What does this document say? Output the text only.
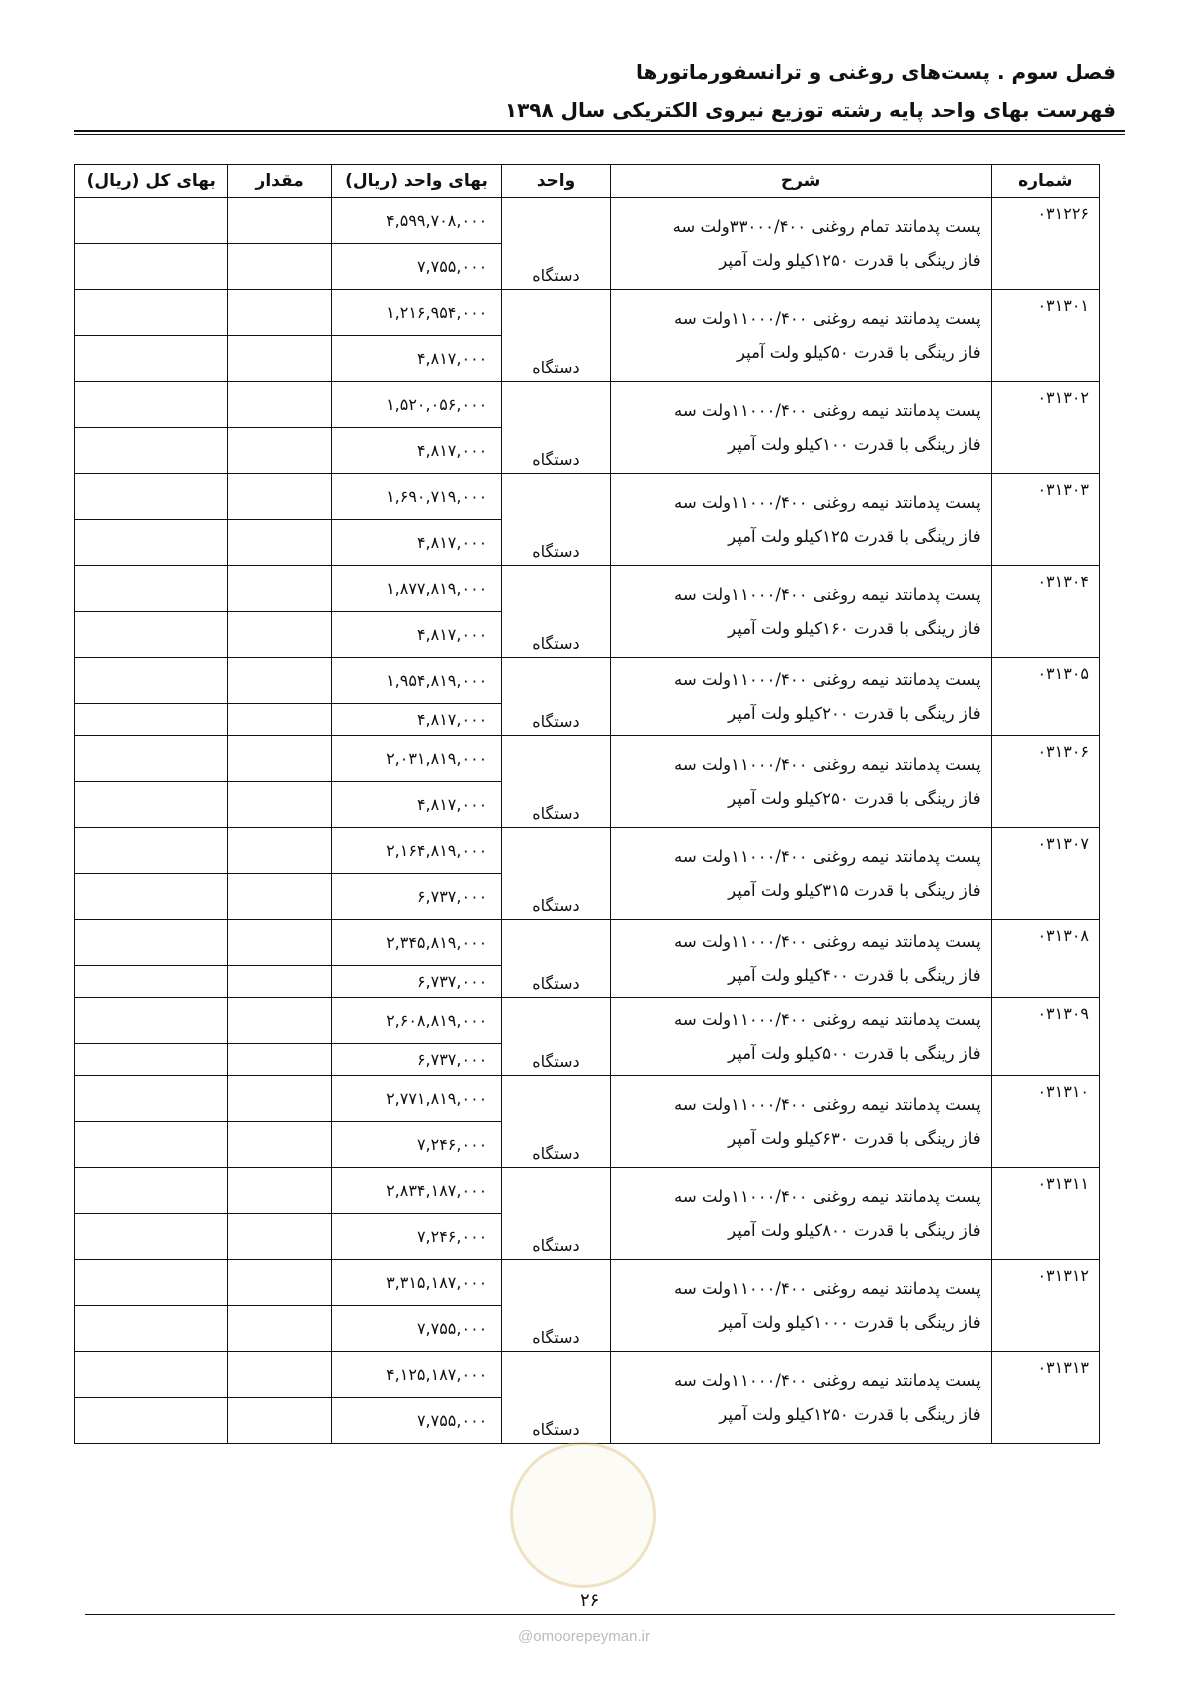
فصل سوم . پست‌های روغنی و ترانسفورماتورها
فهرست بهای واحد پایه رشته توزیع نیروی الکتریکی سال ۱۳۹۸
شماره	شرح	واحد	بهای واحد (ریال)	مقدار	بهای کل (ریال)
۰۳۱۲۲۶	پست پدمانتد تمام روغنی ۳۳۰۰۰/۴۰۰ولت سه
فاز رینگی با قدرت ۱۲۵۰کیلو ولت آمپر	دستگاه	۴,۵۹۹,۷۰۸,۰۰۰		
			۷,۷۵۵,۰۰۰		
۰۳۱۳۰۱	پست پدمانتد نیمه روغنی ۱۱۰۰۰/۴۰۰ولت سه
فاز رینگی با قدرت ۵۰کیلو ولت آمپر	دستگاه	۱,۲۱۶,۹۵۴,۰۰۰		
			۴,۸۱۷,۰۰۰		
۰۳۱۳۰۲	پست پدمانتد نیمه روغنی ۱۱۰۰۰/۴۰۰ولت سه
فاز رینگی با قدرت ۱۰۰کیلو ولت آمپر	دستگاه	۱,۵۲۰,۰۵۶,۰۰۰		
			۴,۸۱۷,۰۰۰		
۰۳۱۳۰۳	پست پدمانتد نیمه روغنی ۱۱۰۰۰/۴۰۰ولت سه
فاز رینگی با قدرت ۱۲۵کیلو ولت آمپر	دستگاه	۱,۶۹۰,۷۱۹,۰۰۰		
			۴,۸۱۷,۰۰۰		
۰۳۱۳۰۴	پست پدمانتد نیمه روغنی ۱۱۰۰۰/۴۰۰ولت سه
فاز رینگی با قدرت ۱۶۰کیلو ولت آمپر	دستگاه	۱,۸۷۷,۸۱۹,۰۰۰		
			۴,۸۱۷,۰۰۰		
۰۳۱۳۰۵	پست پدمانتد نیمه روغنی ۱۱۰۰۰/۴۰۰ولت سه
فاز رینگی با قدرت ۲۰۰کیلو ولت آمپر	دستگاه	۱,۹۵۴,۸۱۹,۰۰۰		
			۴,۸۱۷,۰۰۰		
۰۳۱۳۰۶	پست پدمانتد نیمه روغنی ۱۱۰۰۰/۴۰۰ولت سه
فاز رینگی با قدرت ۲۵۰کیلو ولت آمپر	دستگاه	۲,۰۳۱,۸۱۹,۰۰۰		
			۴,۸۱۷,۰۰۰		
۰۳۱۳۰۷	پست پدمانتد نیمه روغنی ۱۱۰۰۰/۴۰۰ولت سه
فاز رینگی با قدرت ۳۱۵کیلو ولت آمپر	دستگاه	۲,۱۶۴,۸۱۹,۰۰۰		
			۶,۷۳۷,۰۰۰		
۰۳۱۳۰۸	پست پدمانتد نیمه روغنی ۱۱۰۰۰/۴۰۰ولت سه
فاز رینگی با قدرت ۴۰۰کیلو ولت آمپر	دستگاه	۲,۳۴۵,۸۱۹,۰۰۰		
			۶,۷۳۷,۰۰۰		
۰۳۱۳۰۹	پست پدمانتد نیمه روغنی ۱۱۰۰۰/۴۰۰ولت سه
فاز رینگی با قدرت ۵۰۰کیلو ولت آمپر	دستگاه	۲,۶۰۸,۸۱۹,۰۰۰		
			۶,۷۳۷,۰۰۰		
۰۳۱۳۱۰	پست پدمانتد نیمه روغنی ۱۱۰۰۰/۴۰۰ولت سه
فاز رینگی با قدرت ۶۳۰کیلو ولت آمپر	دستگاه	۲,۷۷۱,۸۱۹,۰۰۰		
			۷,۲۴۶,۰۰۰		
۰۳۱۳۱۱	پست پدمانتد نیمه روغنی ۱۱۰۰۰/۴۰۰ولت سه
فاز رینگی با قدرت ۸۰۰کیلو ولت آمپر	دستگاه	۲,۸۳۴,۱۸۷,۰۰۰		
			۷,۲۴۶,۰۰۰		
۰۳۱۳۱۲	پست پدمانتد نیمه روغنی ۱۱۰۰۰/۴۰۰ولت سه
فاز رینگی با قدرت ۱۰۰۰کیلو ولت آمپر	دستگاه	۳,۳۱۵,۱۸۷,۰۰۰		
			۷,۷۵۵,۰۰۰		
۰۳۱۳۱۳	پست پدمانتد نیمه روغنی ۱۱۰۰۰/۴۰۰ولت سه
فاز رینگی با قدرت ۱۲۵۰کیلو ولت آمپر	دستگاه	۴,۱۲۵,۱۸۷,۰۰۰		
			۷,۷۵۵,۰۰۰		
۲۶
@omoorepeyman.ir
